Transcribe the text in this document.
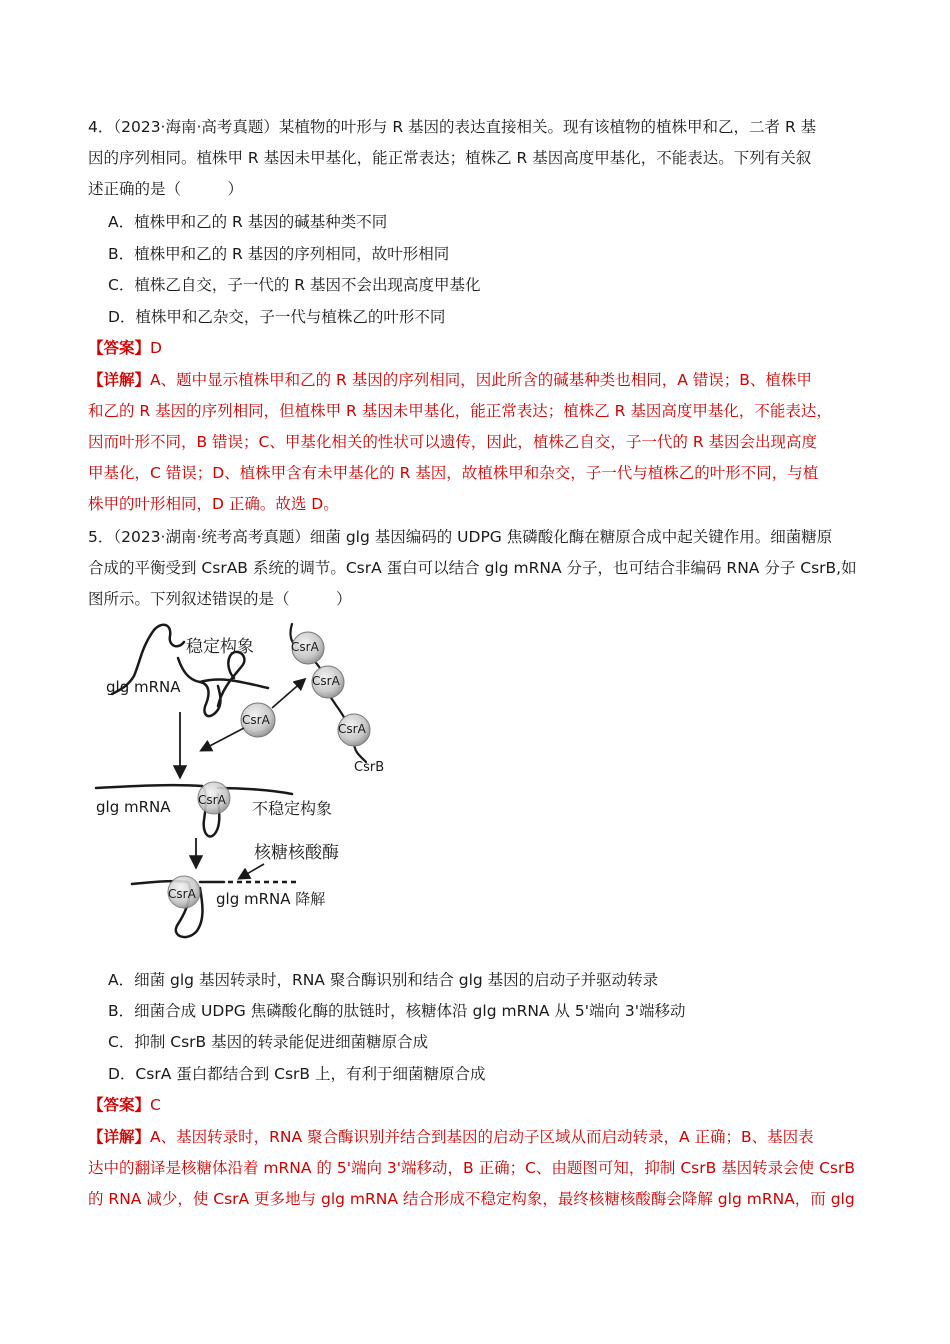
4．（2023·海南·高考真题）某植物的叶形与 R 基因的表达直接相关。现有该植物的植株甲和乙，二者 R 基
因的序列相同。植株甲 R 基因未甲基化，能正常表达；植株乙 R 基因高度甲基化，不能表达。下列有关叙
述正确的是（　　　）
A．植株甲和乙的 R 基因的碱基种类不同
B．植株甲和乙的 R 基因的序列相同，故叶形相同
C．植株乙自交，子一代的 R 基因不会出现高度甲基化
D．植株甲和乙杂交，子一代与植株乙的叶形不同
【答案】D
【详解】A、题中显示植株甲和乙的 R 基因的序列相同，因此所含的碱基种类也相同，A 错误；B、植株甲
和乙的 R 基因的序列相同，但植株甲 R 基因未甲基化，能正常表达；植株乙 R 基因高度甲基化，不能表达，
因而叶形不同，B 错误；C、甲基化相关的性状可以遗传，因此，植株乙自交，子一代的 R 基因会出现高度
甲基化，C 错误；D、植株甲含有未甲基化的 R 基因，故植株甲和杂交，子一代与植株乙的叶形不同，与植
株甲的叶形相同，D 正确。故选 D。
5．（2023·湖南·统考高考真题）细菌 glg 基因编码的 UDPG 焦磷酸化酶在糖原合成中起关键作用。细菌糖原
合成的平衡受到 CsrAB 系统的调节。CsrA 蛋白可以结合 glg mRNA 分子，也可结合非编码 RNA 分子 CsrB,如
图所示。下列叙述错误的是（　　　）
稳定构象
glg mRNA
CsrA
CsrA
CsrA
CsrB
CsrA
CsrA
glg mRNA	不稳定构象
核糖核酸酶
CsrA glg mRNA 降解
A．细菌 glg 基因转录时，RNA 聚合酶识别和结合 glg 基因的启动子并驱动转录
B．细菌合成 UDPG 焦磷酸化酶的肽链时，核糖体沿 glg mRNA 从 5'端向 3'端移动
C．抑制 CsrB 基因的转录能促进细菌糖原合成
D．CsrA 蛋白都结合到 CsrB 上，有利于细菌糖原合成
【答案】C
【详解】A、基因转录时，RNA 聚合酶识别并结合到基因的启动子区域从而启动转录，A 正确；B、基因表
达中的翻译是核糖体沿着 mRNA 的 5'端向 3'端移动，B 正确；C、由题图可知，抑制 CsrB 基因转录会使 CsrB
的 RNA 减少，使 CsrA 更多地与 glg mRNA 结合形成不稳定构象，最终核糖核酸酶会降解 glg mRNA，而 glg
